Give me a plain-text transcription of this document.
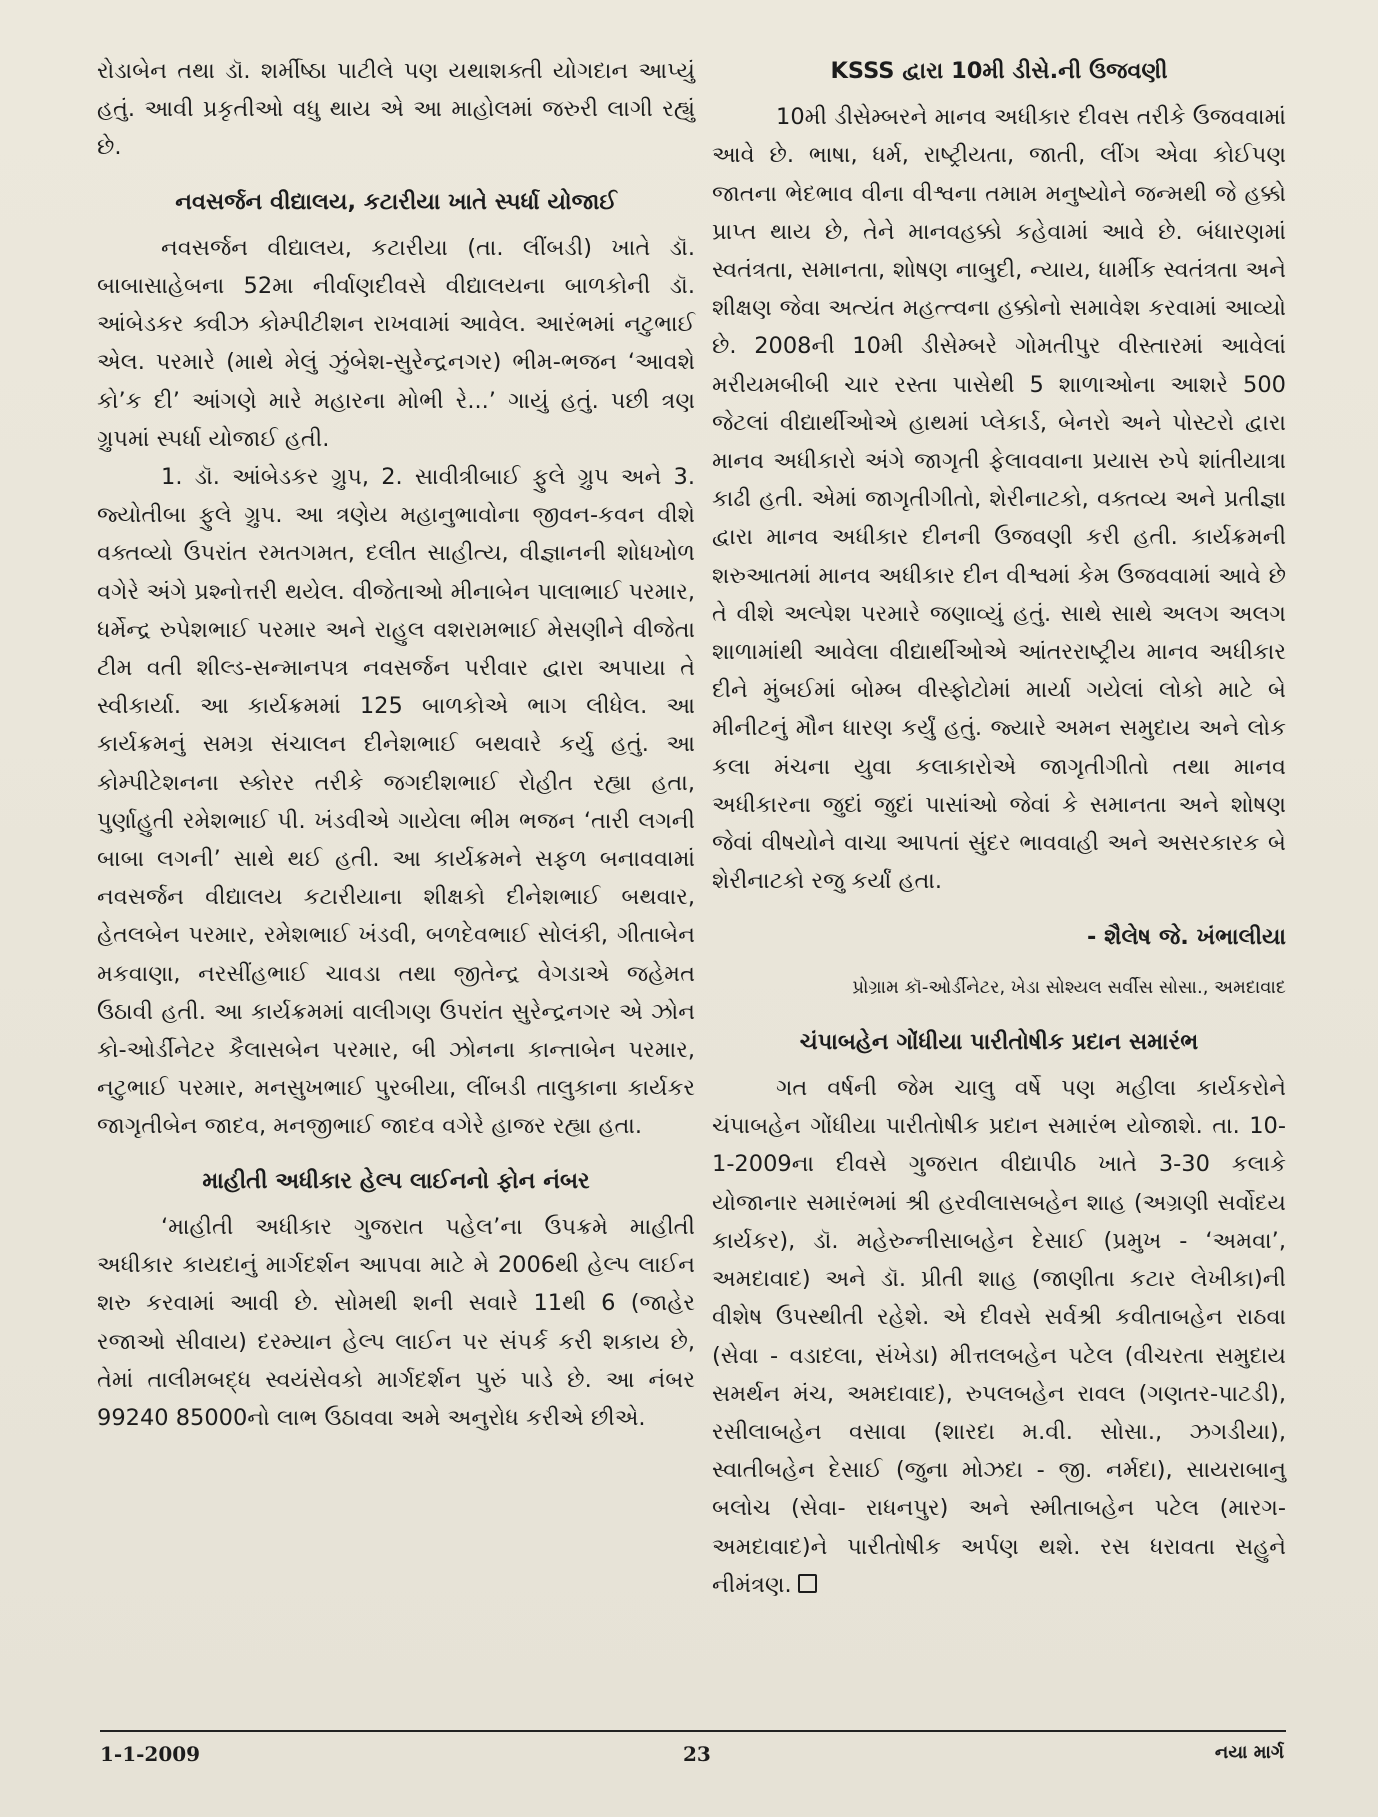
રોડાબેન તથા ડૉ. શર્મીષ્ઠા પાટીલે પણ યથાશક્તી યોગદાન આપ્યું હતું. આવી પ્રકૃતીઓ વધુ થાય એ આ માહોલમાં જરુરી લાગી રહ્યું છે.

નવસર્જન વીદ્યાલય, કટારીયા ખાતે સ્પર્ધા યોજાઈ

નવસર્જન વીદ્યાલય, કટારીયા (તા. લીંબડી) ખાતે ડૉ. બાબાસાહેબના 52મા નીર્વાણદીવસે વીદ્યાલયના બાળકોની ડૉ. આંબેડકર ક્વીઝ કોમ્પીટીશન રાખવામાં આવેલ. આરંભમાં નટુભાઈ એલ. પરમારે (માથે મેલું ઝુંબેશ-સુરેન્દ્રનગર) ભીમ-ભજન ‘આવશે કો’ક દી’ આંગણે મારે મહારના મોભી રે...’ ગાયું હતું. પછી ત્રણ ગ્રુપમાં સ્પર્ધા યોજાઈ હતી.

1. ડૉ. આંબેડકર ગ્રુપ, 2. સાવીત્રીબાઈ ફુલે ગ્રુપ અને 3. જ્યોતીબા ફુલે ગ્રુપ. આ ત્રણેય મહાનુભાવોના જીવન-કવન વીશે વક્તવ્યો ઉપરાંત રમતગમત, દલીત સાહીત્ય, વીજ્ઞાનની શોધખોળ વગેરે અંગે પ્રશ્નોત્તરી થયેલ. વીજેતાઓ મીનાબેન પાલાભાઈ પરમાર, ધર્મેન્દ્ર રુપેશભાઈ પરમાર અને રાહુલ વશરામભાઈ મેસણીને વીજેતા ટીમ વતી શીલ્ડ-સન્માનપત્ર નવસર્જન પરીવાર દ્વારા અપાયા તે સ્વીકાર્યા. આ કાર્યક્રમમાં 125 બાળકોએ ભાગ લીધેલ. આ કાર્યક્રમનું સમગ્ર સંચાલન દીનેશભાઈ બથવારે કર્યુ હતું. આ કોમ્પીટેશનના સ્કોરર તરીકે જગદીશભાઈ રોહીત રહ્યા હતા, પુર્ણાહુતી રમેશભાઈ પી. ખંડવીએ ગાયેલા ભીમ ભજન ‘તારી લગની બાબા લગની’ સાથે થઈ હતી. આ કાર્યક્રમને સફળ બનાવવામાં નવસર્જન વીદ્યાલય કટારીયાના શીક્ષકો દીનેશભાઈ બથવાર, હેતલબેન પરમાર, રમેશભાઈ ખંડવી, બળદેવભાઈ સોલંકી, ગીતાબેન મકવાણા, નરસીંહભાઈ ચાવડા તથા જીતેન્દ્ર વેગડાએ જહેમત ઉઠાવી હતી. આ કાર્યક્રમમાં વાલીગણ ઉપરાંત સુરેન્દ્રનગર એ ઝોન કો-ઓર્ડીનેટર કૈલાસબેન પરમાર, બી ઝોનના કાન્તાબેન પરમાર, નટુભાઈ પરમાર, મનસુખભાઈ પુરબીયા, લીંબડી તાલુકાના કાર્યકર જાગૃતીબેન જાદવ, મનજીભાઈ જાદવ વગેરે હાજર રહ્યા હતા.

માહીતી અધીકાર હેલ્પ લાઈનનો ફોન નંબર

‘માહીતી અધીકાર ગુજરાત પહેલ’ના ઉપક્રમે માહીતી અધીકાર કાયદાનું માર્ગદર્શન આપવા માટે મે 2006થી હેલ્પ લાઈન શરુ કરવામાં આવી છે. સોમથી શની સવારે 11થી 6 (જાહેર રજાઓ સીવાય) દરમ્યાન હેલ્પ લાઈન પર સંપર્ક કરી શકાય છે, તેમાં તાલીમબદ્ધ સ્વયંસેવકો માર્ગદર્શન પુરું પાડે છે. આ નંબર 99240 85000નો લાભ ઉઠાવવા અમે અનુરોધ કરીએ છીએ.

KSSS દ્વારા 10મી ડીસે.ની ઉજવણી

10મી ડીસેમ્બરને માનવ અધીકાર દીવસ તરીકે ઉજવવામાં આવે છે. ભાષા, ધર્મ, રાષ્ટ્રીયતા, જાતી, લીંગ એવા કોઈપણ જાતના ભેદભાવ વીના વીશ્વના તમામ મનુષ્યોને જન્મથી જે હક્કો પ્રાપ્ત થાય છે, તેને માનવહક્કો કહેવામાં આવે છે. બંધારણમાં સ્વતંત્રતા, સમાનતા, શોષણ નાબુદી, ન્યાય, ધાર્મીક સ્વતંત્રતા અને શીક્ષણ જેવા અત્યંત મહત્ત્વના હક્કોનો સમાવેશ કરવામાં આવ્યો છે. 2008ની 10મી ડીસેમ્બરે ગોમતીપુર વીસ્તારમાં આવેલાં મરીયમબીબી ચાર રસ્તા પાસેથી 5 શાળાઓના આશરે 500 જેટલાં વીદ્યાર્થીઓએ હાથમાં પ્લેકાર્ડ, બેનરો અને પોસ્ટરો દ્વારા માનવ અધીકારો અંગે જાગૃતી ફેલાવવાના પ્રયાસ રુપે શાંતીયાત્રા કાઢી હતી. એમાં જાગૃતીગીતો, શેરીનાટકો, વક્તવ્ય અને પ્રતીજ્ઞા દ્વારા માનવ અધીકાર દીનની ઉજવણી કરી હતી. કાર્યક્રમની શરુઆતમાં માનવ અધીકાર દીન વીશ્વમાં કેમ ઉજવવામાં આવે છે તે વીશે અલ્પેશ પરમારે જણાવ્યું હતું. સાથે સાથે અલગ અલગ શાળામાંથી આવેલા વીદ્યાર્થીઓએ આંતરરાષ્ટ્રીય માનવ અધીકાર દીને મુંબઈમાં બોમ્બ વીસ્ફોટોમાં માર્યા ગયેલાં લોકો માટે બે મીનીટનું મૌન ધારણ કર્યું હતું. જ્યારે અમન સમુદાય અને લોક કલા મંચના યુવા કલાકારોએ જાગૃતીગીતો તથા માનવ અધીકારના જુદાં જુદાં પાસાંઓ જેવાં કે સમાનતા અને શોષણ જેવાં વીષયોને વાચા આપતાં સુંદર ભાવવાહી અને અસરકારક બે શેરીનાટકો રજુ કર્યાં હતા.

- શૈલેષ જે. ખંભાલીયા

પ્રોગ્રામ કૉ-ઓર્ડીનેટર, ખેડા સોશ્યલ સર્વીસ સોસા., અમદાવાદ

ચંપાબહેન ગોંધીયા પારીતોષીક પ્રદાન સમારંભ

ગત વર્ષની જેમ ચાલુ વર્ષે પણ મહીલા કાર્યકરોને ચંપાબહેન ગોંધીયા પારીતોષીક પ્રદાન સમારંભ યોજાશે. તા. 10-1-2009ના દીવસે ગુજરાત વીદ્યાપીઠ ખાતે 3-30 કલાકે યોજાનાર સમારંભમાં શ્રી હરવીલાસબહેન શાહ (અગ્રણી સર્વોદય કાર્યકર), ડૉ. મહેરુન્નીસાબહેન દેસાઈ (પ્રમુખ - ‘અમવા’, અમદાવાદ) અને ડૉ. પ્રીતી શાહ (જાણીતા કટાર લેખીકા)ની વીશેષ ઉપસ્થીતી રહેશે. એ દીવસે સર્વશ્રી કવીતાબહેન રાઠવા (સેવા - વડાદલા, સંખેડા) મીત્તલબહેન પટેલ (વીચરતા સમુદાય સમર્થન મંચ, અમદાવાદ), રુપલબહેન રાવલ (ગણતર-પાટડી), રસીલાબહેન વસાવા (શારદા મ.વી. સોસા., ઝગડીયા), સ્વાતીબહેન દેસાઈ (જુના મોઝદા - જી. નર્મદા), સાયરાબાનુ બલોચ (સેવા- રાધનપુર) અને સ્મીતાબહેન પટેલ (મારગ-અમદાવાદ)ને પારીતોષીક અર્પણ થશે. રસ ધરાવતા સહુને નીમંત્રણ.

1-1-2009	23	નયા માર્ગ
